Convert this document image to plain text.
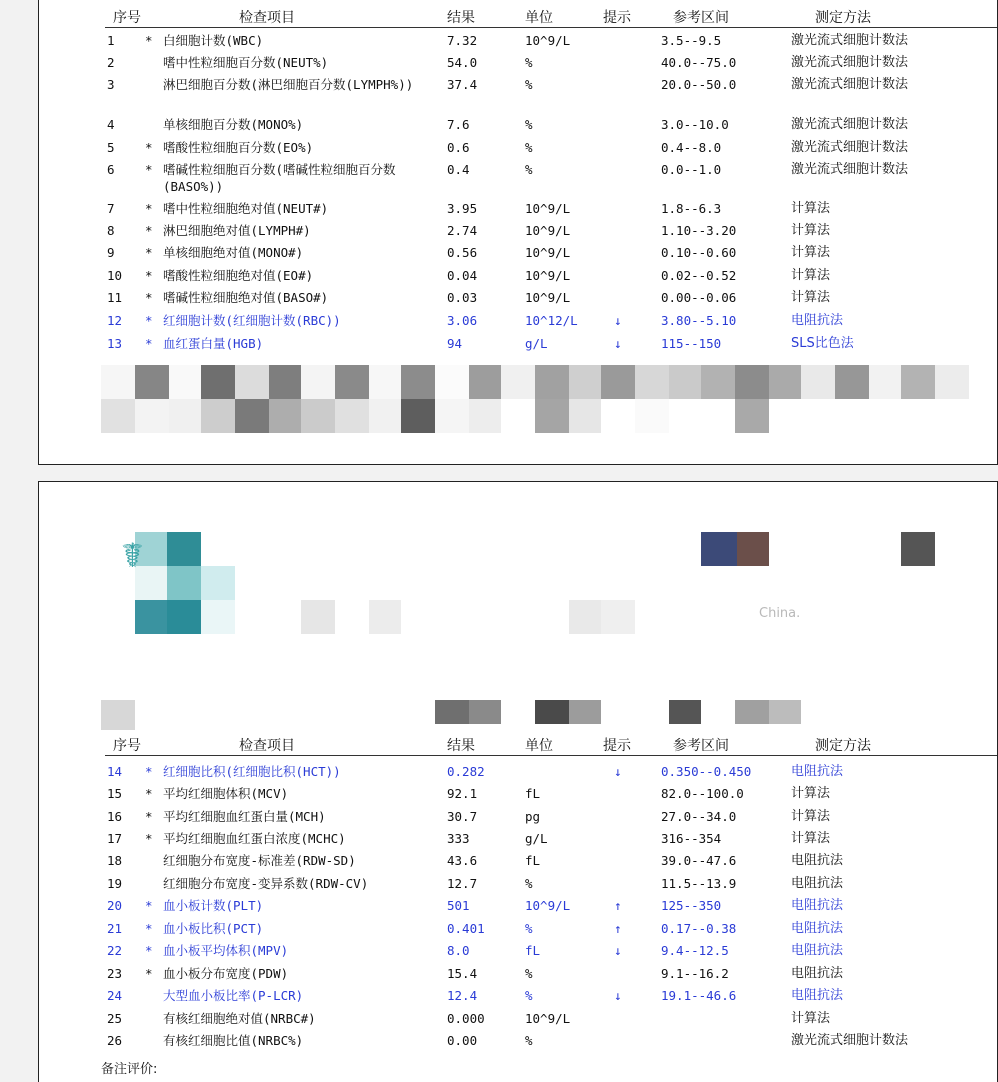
序号	检查项目	结果	单位	提示	参考区间	测定方法
1 * 白细胞计数(WBC)	7.32	10^9/L	3.5--9.5	激光流式细胞计数法
2	嗜中性粒细胞百分数(NEUT%)	54.0	%	40.0--75.0	激光流式细胞计数法
3	淋巴细胞百分数(淋巴细胞百分数(LYMPH%))	37.4	%	20.0--50.0	激光流式细胞计数法
4	单核细胞百分数(MONO%)	7.6	%	3.0--10.0	激光流式细胞计数法
5 * 嗜酸性粒细胞百分数(EO%)	0.6	%	0.4--8.0	激光流式细胞计数法
6 * 嗜碱性粒细胞百分数(嗜碱性粒细胞百分数(BASO%))
0.4	%	0.0--1.0	激光流式细胞计数法
7 * 嗜中性粒细胞绝对值(NEUT#)	3.95	10^9/L	1.8--6.3	计算法
8 * 淋巴细胞绝对值(LYMPH#)	2.74	10^9/L	1.10--3.20	计算法
9 * 单核细胞绝对值(MONO#)	0.56	10^9/L	0.10--0.60	计算法
10 * 嗜酸性粒细胞绝对值(EO#)	0.04	10^9/L	0.02--0.52	计算法
11 * 嗜碱性粒细胞绝对值(BASO#)	0.03	10^9/L	0.00--0.06	计算法
12 * 红细胞计数(红细胞计数(RBC))	3.06	10^12/L	↓	3.80--5.10	电阻抗法
13 * 血红蛋白量(HGB)	94	g/L	↓	115--150	SLS比色法
☤
China.
序号	检查项目	结果	单位	提示	参考区间	测定方法
14 * 红细胞比积(红细胞比积(HCT))	0.282	↓	0.350--0.450	电阻抗法
15 * 平均红细胞体积(MCV)	92.1	fL	82.0--100.0	计算法
16 * 平均红细胞血红蛋白量(MCH)	30.7	pg	27.0--34.0	计算法
17 * 平均红细胞血红蛋白浓度(MCHC)	333	g/L	316--354	计算法
18	红细胞分布宽度-标准差(RDW-SD)	43.6	fL	39.0--47.6	电阻抗法
19	红细胞分布宽度-变异系数(RDW-CV)	12.7	%	11.5--13.9	电阻抗法
20 * 血小板计数(PLT)	501	10^9/L	↑	125--350	电阻抗法
21 * 血小板比积(PCT)	0.401	%	↑	0.17--0.38	电阻抗法
22 * 血小板平均体积(MPV)	8.0	fL	↓	9.4--12.5	电阻抗法
23 * 血小板分布宽度(PDW)	15.4	%	9.1--16.2	电阻抗法
24	大型血小板比率(P-LCR)	12.4	%	↓	19.1--46.6	电阻抗法
25	有核红细胞绝对值(NRBC#)	0.000	10^9/L	计算法
26	有核红细胞比值(NRBC%)	0.00	%	激光流式细胞计数法
备注评价:
